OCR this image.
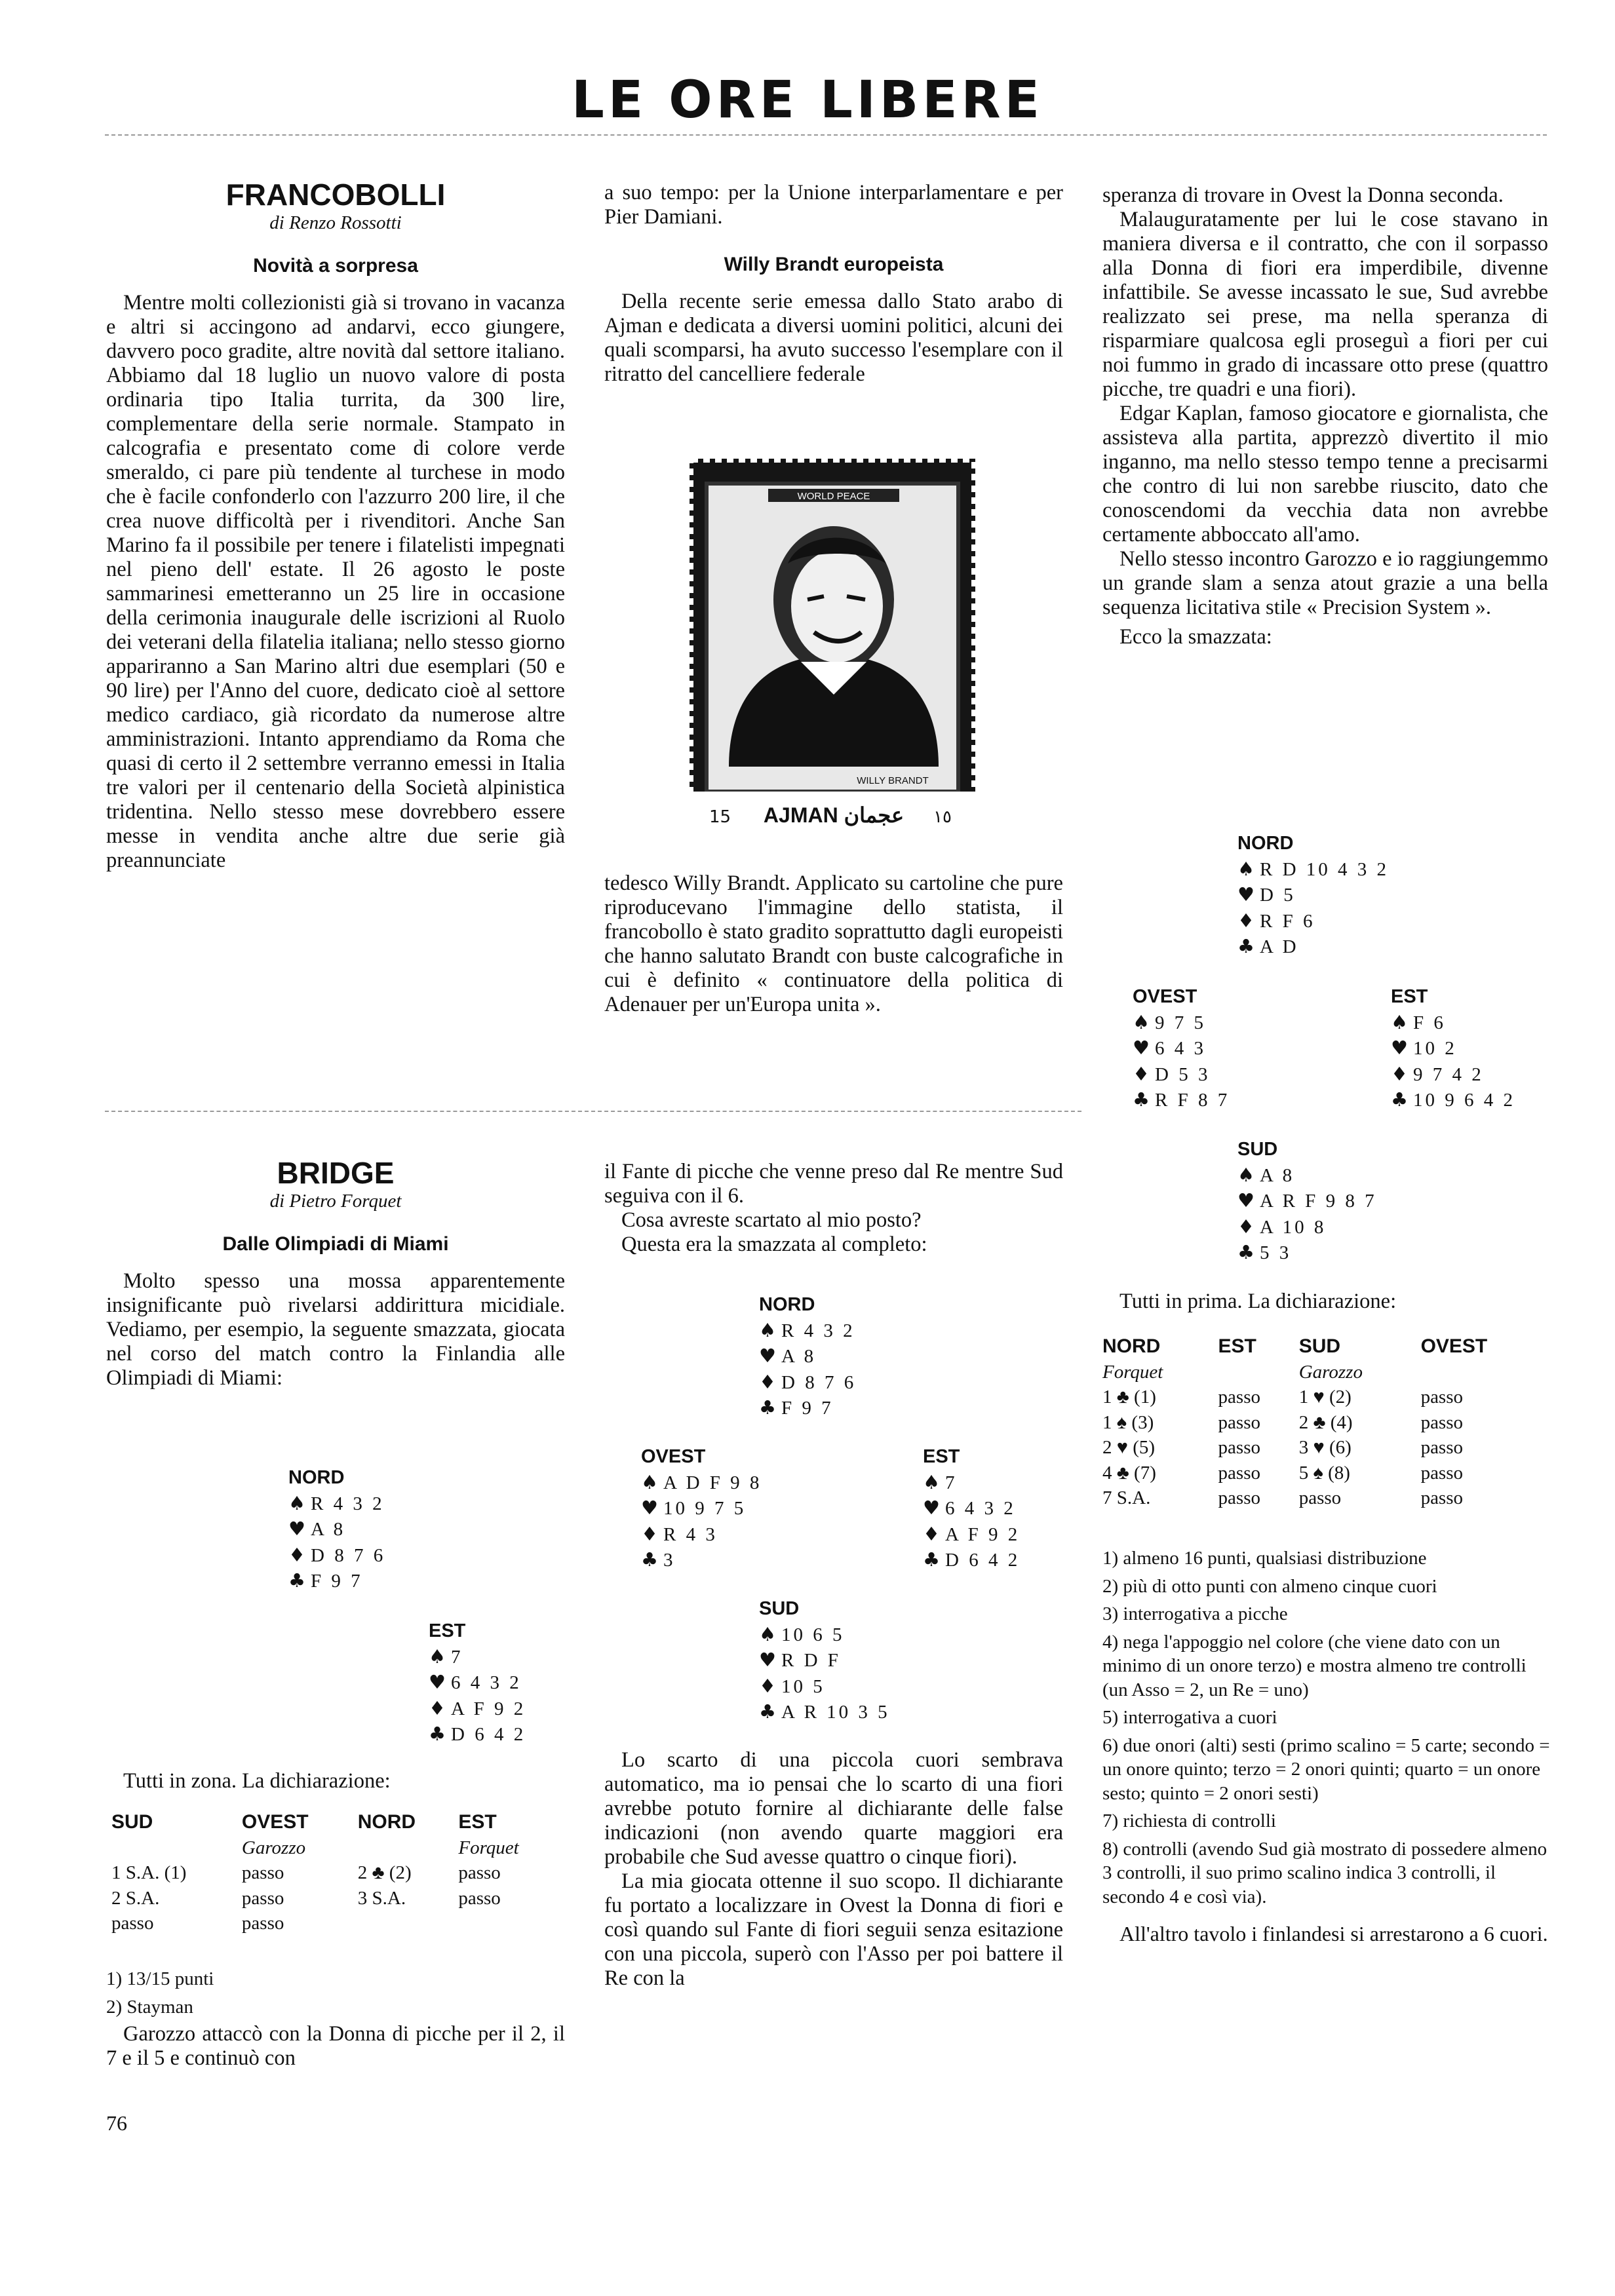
LE ORE LIBERE
FRANCOBOLLI
di Renzo Rossotti
Novità a sorpresa

Mentre molti collezionisti già si trovano in vacanza e altri si accingono ad andarvi, ecco giungere, davvero poco gradite, altre novità dal settore italiano. Abbiamo dal 18 luglio un nuovo valore di posta ordinaria tipo Italia turrita, da 300 lire, complementare della serie normale. Stampato in calcografia e presentato come di colore verde smeraldo, ci pare più tendente al turchese in modo che è facile confonderlo con l'azzurro 200 lire, il che crea nuove difficoltà per i rivenditori. Anche San Marino fa il possibile per tenere i filatelisti impegnati nel pieno dell' estate. Il 26 agosto le poste sammarinesi emetteranno un 25 lire in occasione della cerimonia inaugurale delle iscrizioni al Ruolo dei veterani della filatelia italiana; nello stesso giorno appariranno a San Marino altri due esemplari (50 e 90 lire) per l'Anno del cuore, dedicato cioè al settore medico cardiaco, già ricordato da numerose altre amministrazioni. Intanto apprendiamo da Roma che quasi di certo il 2 settembre verranno emessi in Italia tre valori per il centenario della Società alpinistica tridentina. Nello stesso mese dovrebbero essere messe in vendita anche altre due serie già preannunciate

a suo tempo: per la Unione interparlamentare e per Pier Damiani.

Willy Brandt europeista

Della recente serie emessa dallo Stato arabo di Ajman e dedicata a diversi uomini politici, alcuni dei quali scomparsi, ha avuto successo l'esemplare con il ritratto del cancelliere federale

WORLD PEACE
WILLY BRANDT
15 AJMAN عجمان ١٥

tedesco Willy Brandt. Applicato su cartoline che pure riproducevano l'immagine dello statista, il francobollo è stato gradito soprattutto dagli europeisti che hanno salutato Brandt con buste calcografiche in cui è definito « continuatore della politica di Adenauer per un'Europa unita ».

speranza di trovare in Ovest la Donna seconda.

Malauguratamente per lui le cose stavano in maniera diversa e il contratto, che con il sorpasso alla Donna di fiori era imperdibile, divenne infattibile. Se avesse incassato le sue, Sud avrebbe realizzato sei prese, ma nella speranza di risparmiare qualcosa egli proseguì a fiori per cui noi fummo in grado di incassare otto prese (quattro picche, tre quadri e una fiori).

Edgar Kaplan, famoso giocatore e giornalista, che assisteva alla partita, apprezzò divertito il mio inganno, ma nello stesso tempo tenne a precisarmi che contro di lui non sarebbe riuscito, dato che conoscendomi da vecchia data non avrebbe certamente abboccato all'amo.

Nello stesso incontro Garozzo e io raggiungemmo un grande slam a senza atout grazie a una bella sequenza licitativa stile « Precision System ».

Ecco la smazzata:

NORD
♠ R D 10 4 3 2
♥ D 5
♦ R F 6
♣ A D
OVEST
♠ 9 7 5
♥ 6 4 3
♦ D 5 3
♣ R F 8 7
EST
♠ F 6
♥ 10 2
♦ 9 7 4 2
♣ 10 9 6 4 2
SUD
♠ A 8
♥ A R F 9 8 7
♦ A 10 8
♣ 5 3

Tutti in prima. La dichiarazione:

NORD	EST	SUD	OVEST
Forquet		Garozzo	
1 ♣ (1)	passo	1 ♥ (2)	passo
1 ♠ (3)	passo	2 ♣ (4)	passo
2 ♥ (5)	passo	3 ♥ (6)	passo
4 ♣ (7)	passo	5 ♠ (8)	passo
7 S.A.	passo	passo	passo
1) almeno 16 punti, qualsiasi distribuzione
2) più di otto punti con almeno cinque cuori
3) interrogativa a picche
4) nega l'appoggio nel colore (che viene dato con un minimo di un onore terzo) e mostra almeno tre controlli (un Asso = 2, un Re = uno)
5) interrogativa a cuori
6) due onori (alti) sesti (primo scalino = 5 carte; secondo = un onore quinto; terzo = 2 onori quinti; quarto = un onore sesto; quinto = 2 onori sesti)
7) richiesta di controlli
8) controlli (avendo Sud già mostrato di possedere almeno 3 controlli, il suo primo scalino indica 3 controlli, il secondo 4 e così via).
All'altro tavolo i finlandesi si arrestarono a 6 cuori.
BRIDGE
di Pietro Forquet
Dalle Olimpiadi di Miami

Molto spesso una mossa apparentemente insignificante può rivelarsi addirittura micidiale. Vediamo, per esempio, la seguente smazzata, giocata nel corso del match contro la Finlandia alle Olimpiadi di Miami:

NORD
♠ R 4 3 2
♥ A 8
♦ D 8 7 6
♣ F 9 7
EST
♠ 7
♥ 6 4 3 2
♦ A F 9 2
♣ D 6 4 2

Tutti in zona. La dichiarazione:

SUD	OVEST	NORD	EST
	Garozzo		Forquet
1 S.A. (1)	passo	2 ♣ (2)	passo
2 S.A.	passo	3 S.A.	passo
passo	passo		
1) 13/15 punti
2) Stayman

Garozzo attaccò con la Donna di picche per il 2, il 7 e il 5 e continuò con

il Fante di picche che venne preso dal Re mentre Sud seguiva con il 6.

Cosa avreste scartato al mio posto?

Questa era la smazzata al completo:

NORD
♠ R 4 3 2
♥ A 8
♦ D 8 7 6
♣ F 9 7
OVEST
♠ A D F 9 8
♥ 10 9 7 5
♦ R 4 3
♣ 3
EST
♠ 7
♥ 6 4 3 2
♦ A F 9 2
♣ D 6 4 2
SUD
♠ 10 6 5
♥ R D F
♦ 10 5
♣ A R 10 3 5

Lo scarto di una piccola cuori sembrava automatico, ma io pensai che lo scarto di una fiori avrebbe potuto fornire al dichiarante delle false indicazioni (non avendo quarte maggiori era probabile che Sud avesse quattro o cinque fiori).

La mia giocata ottenne il suo scopo. Il dichiarante fu portato a localizzare in Ovest la Donna di fiori e così quando sul Fante di fiori seguii senza esitazione con una piccola, superò con l'Asso per poi battere il Re con la

76
